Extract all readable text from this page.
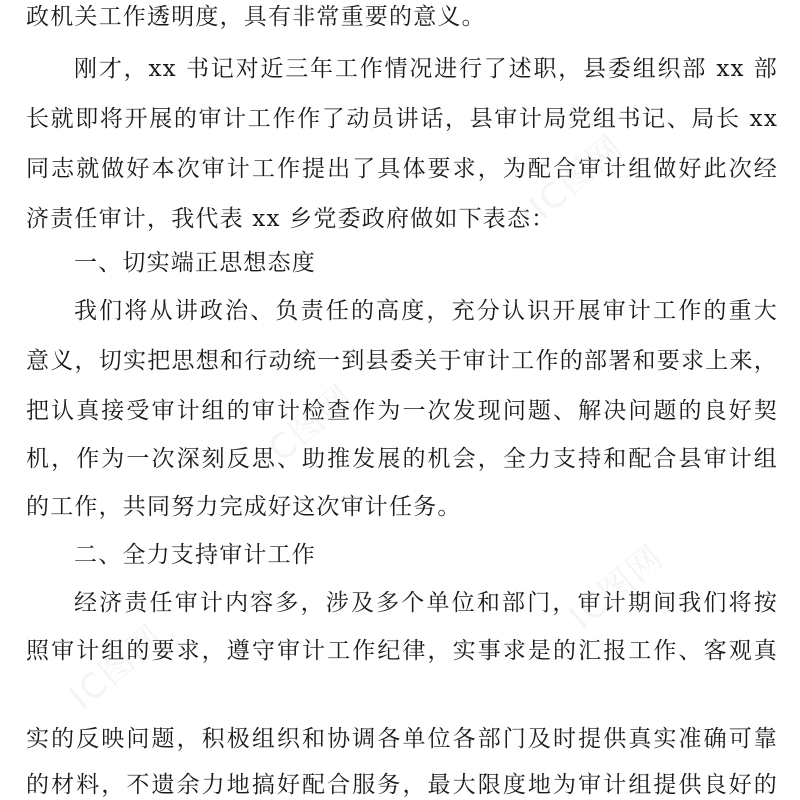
政机关工作透明度，具有非常重要的意义。
刚才，xx 书记对近三年工作情况进行了述职，县委组织部 xx 部
长就即将开展的审计工作作了动员讲话，县审计局党组书记、局长 xx
同志就做好本次审计工作提出了具体要求，为配合审计组做好此次经
济责任审计，我代表 xx 乡党委政府做如下表态：
一、切实端正思想态度
我们将从讲政治、负责任的高度，充分认识开展审计工作的重大
意义，切实把思想和行动统一到县委关于审计工作的部署和要求上来，
把认真接受审计组的审计检查作为一次发现问题、解决问题的良好契
机，作为一次深刻反思、助推发展的机会，全力支持和配合县审计组
的工作，共同努力完成好这次审计任务。
二、全力支持审计工作
经济责任审计内容多，涉及多个单位和部门，审计期间我们将按
照审计组的要求，遵守审计工作纪律，实事求是的汇报工作、客观真
实的反映问题，积极组织和协调各单位各部门及时提供真实准确可靠
的材料，不遗余力地搞好配合服务，最大限度地为审计组提供良好的
IC图网
IC图网
IC图网
IC图网
